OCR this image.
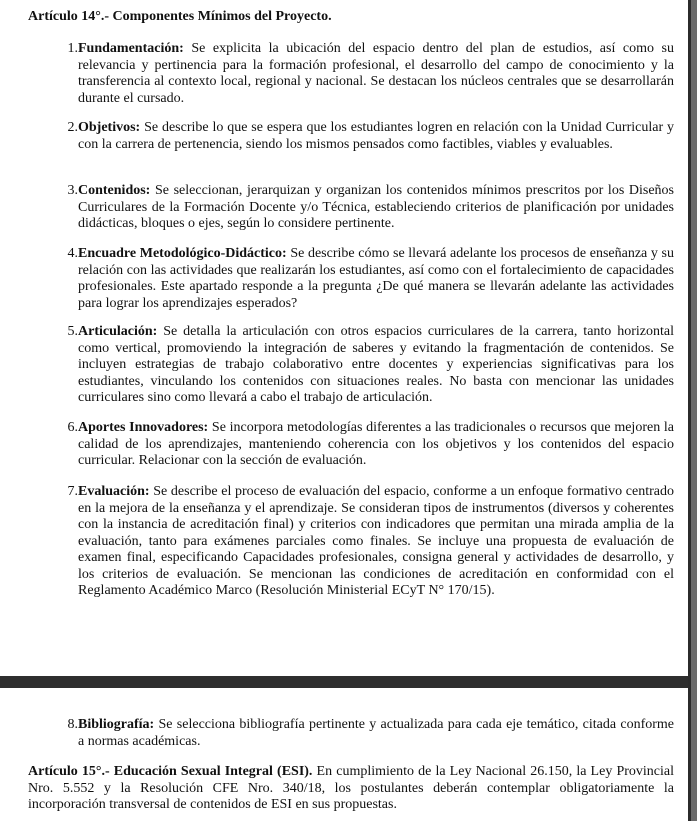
Artículo 14°.- Componentes Mínimos del Proyecto.
1. Fundamentación: Se explicita la ubicación del espacio dentro del plan de estudios, así como su relevancia y pertinencia para la formación profesional, el desarrollo del campo de conocimiento y la transferencia al contexto local, regional y nacional. Se destacan los núcleos centrales que se desarrollarán durante el cursado.
2. Objetivos: Se describe lo que se espera que los estudiantes logren en relación con la Unidad Curricular y con la carrera de pertenencia, siendo los mismos pensados como factibles, viables y evaluables.
3. Contenidos: Se seleccionan, jerarquizan y organizan los contenidos mínimos prescritos por los Diseños Curriculares de la Formación Docente y/o Técnica, estableciendo criterios de planificación por unidades didácticas, bloques o ejes, según lo considere pertinente.
4. Encuadre Metodológico-Didáctico: Se describe cómo se llevará adelante los procesos de enseñanza y su relación con las actividades que realizarán los estudiantes, así como con el fortalecimiento de capacidades profesionales. Este apartado responde a la pregunta ¿De qué manera se llevarán adelante las actividades para lograr los aprendizajes esperados?
5. Articulación: Se detalla la articulación con otros espacios curriculares de la carrera, tanto horizontal como vertical, promoviendo la integración de saberes y evitando la fragmentación de contenidos. Se incluyen estrategias de trabajo colaborativo entre docentes y experiencias significativas para los estudiantes, vinculando los contenidos con situaciones reales. No basta con mencionar las unidades curriculares sino como llevará a cabo el trabajo de articulación.
6. Aportes Innovadores: Se incorpora metodologías diferentes a las tradicionales o recursos que mejoren la calidad de los aprendizajes, manteniendo coherencia con los objetivos y los contenidos del espacio curricular. Relacionar con la sección de evaluación.
7. Evaluación: Se describe el proceso de evaluación del espacio, conforme a un enfoque formativo centrado en la mejora de la enseñanza y el aprendizaje. Se consideran tipos de instrumentos (diversos y coherentes con la instancia de acreditación final) y criterios con indicadores que permitan una mirada amplia de la evaluación, tanto para exámenes parciales como finales. Se incluye una propuesta de evaluación de examen final, especificando Capacidades profesionales, consigna general y actividades de desarrollo, y los criterios de evaluación. Se mencionan las condiciones de acreditación en conformidad con el Reglamento Académico Marco (Resolución Ministerial ECyT N° 170/15).
8. Bibliografía: Se selecciona bibliografía pertinente y actualizada para cada eje temático, citada conforme a normas académicas.

Artículo 15°.- Educación Sexual Integral (ESI). En cumplimiento de la Ley Nacional 26.150, la Ley Provincial Nro. 5.552 y la Resolución CFE Nro. 340/18, los postulantes deberán contemplar obligatoriamente la incorporación transversal de contenidos de ESI en sus propuestas.
